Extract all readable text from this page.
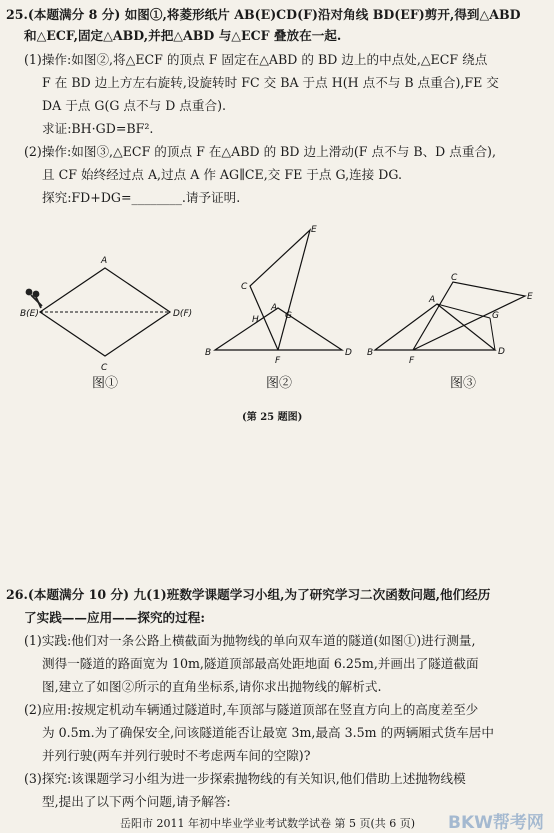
25.(本题满分 8 分) 如图①,将菱形纸片 AB(E)CD(F)沿对角线 BD(EF)剪开,得到△ABD
和△ECF,固定△ABD,并把△ABD 与△ECF 叠放在一起.
(1)操作:如图②,将△ECF 的顶点 F 固定在△ABD 的 BD 边上的中点处,△ECF 绕点
F 在 BD 边上方左右旋转,设旋转时 FC 交 BA 于点 H(H 点不与 B 点重合),FE 交
DA 于点 G(G 点不与 D 点重合).
求证:BH·GD=BF².
(2)操作:如图③,△ECF 的顶点 F 在△ABD 的 BD 边上滑动(F 点不与 B、D 点重合),
且 CF 始终经过点 A,过点 A 作 AG∥CE,交 FE 于点 G,连接 DG.
探究:FD+DG=________.请予证明.
A
B(E)	D(F)
C
E
C
A
H	G
B
F
D
C
E
A
G
B
F
D
图①	图②	图③
(第 25 题图)
26.(本题满分 10 分) 九(1)班数学课题学习小组,为了研究学习二次函数问题,他们经历
了实践——应用——探究的过程:
(1)实践:他们对一条公路上横截面为抛物线的单向双车道的隧道(如图①)进行测量,
测得一隧道的路面宽为 10m,隧道顶部最高处距地面 6.25m,并画出了隧道截面
图,建立了如图②所示的直角坐标系,请你求出抛物线的解析式.
(2)应用:按规定机动车辆通过隧道时,车顶部与隧道顶部在竖直方向上的高度差至少
为 0.5m.为了确保安全,问该隧道能否让最宽 3m,最高 3.5m 的两辆厢式货车居中
并列行驶(两车并列行驶时不考虑两车间的空隙)?
(3)探究:该课题学习小组为进一步探索抛物线的有关知识,他们借助上述抛物线模
型,提出了以下两个问题,请予解答:
岳阳市 2011 年初中毕业学业考试数学试卷 第 5 页(共 6 页) BKW帮考网
